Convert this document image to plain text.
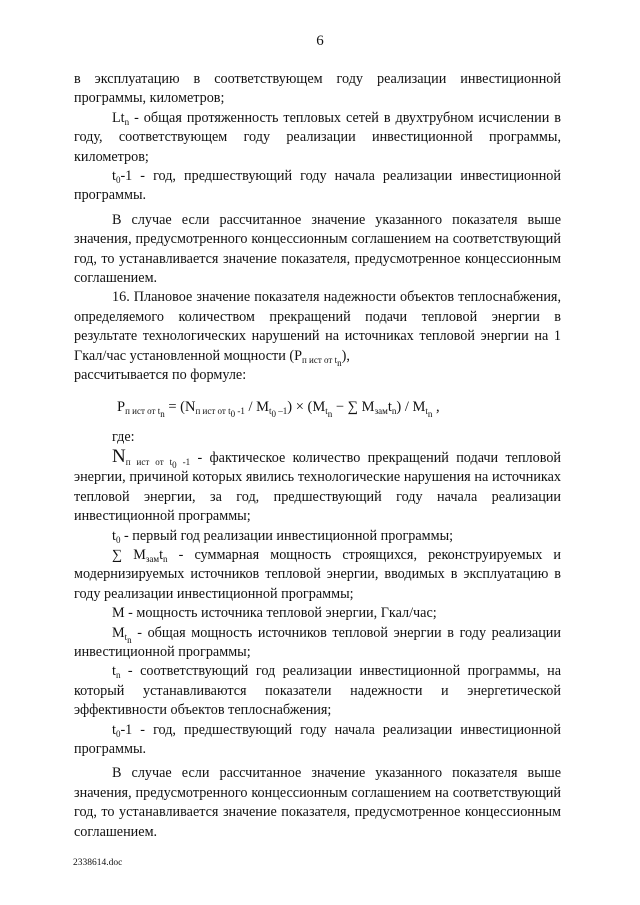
6

в эксплуатацию в соответствующем году реализации инвестиционной программы, километров;

$Lt_n$ - общая протяженность тепловых сетей в двухтрубном исчислении в году, соответствующем году реализации инвестиционной программы, километров;

$t_0-1$ - год, предшествующий году начала реализации инвестиционной программы.

В случае если рассчитанное значение указанного показателя выше значения, предусмотренного концессионным соглашением на соответствующий год, то устанавливается значение показателя, предусмотренное концессионным соглашением.

16. Плановое значение показателя надежности объектов теплоснабжения, определяемого количеством прекращений подачи тепловой энергии в результате технологических нарушений на источниках тепловой энергии на 1 Гкал/час установленной мощности $(P_{п ист от t_n})$,

рассчитывается по формуле:

$P_{п ист от t_n} = (N_{п ист от t_0 -1} / M_{t_0 -1}) \times (M_{t_n}$ − ∑ $M_{зам}t_n) / M_{t_n}$ ,

где:

$N_{п ист от t_0 -1}$ - фактическое количество прекращений подачи тепловой энергии, причиной которых явились технологические нарушения на источниках тепловой энергии, за год, предшествующий году начала реализации инвестиционной программы;

$t_0$ - первый год реализации инвестиционной программы;

∑ $M_{зам}t_n$ - суммарная мощность строящихся, реконструируемых и модернизируемых источников тепловой энергии, вводимых в эксплуатацию в году реализации инвестиционной программы;

M - мощность источника тепловой энергии, Гкал/час;

$M_{t_n}$ - общая мощность источников тепловой энергии в году реализации инвестиционной программы;

$t_n$ - соответствующий год реализации инвестиционной программы, на который устанавливаются показатели надежности и энергетической эффективности объектов теплоснабжения;

$t_0-1$ - год, предшествующий году начала реализации инвестиционной программы.

В случае если рассчитанное значение указанного показателя выше значения, предусмотренного концессионным соглашением на соответствующий год, то устанавливается значение показателя, предусмотренное концессионным соглашением.

2338614.doc
